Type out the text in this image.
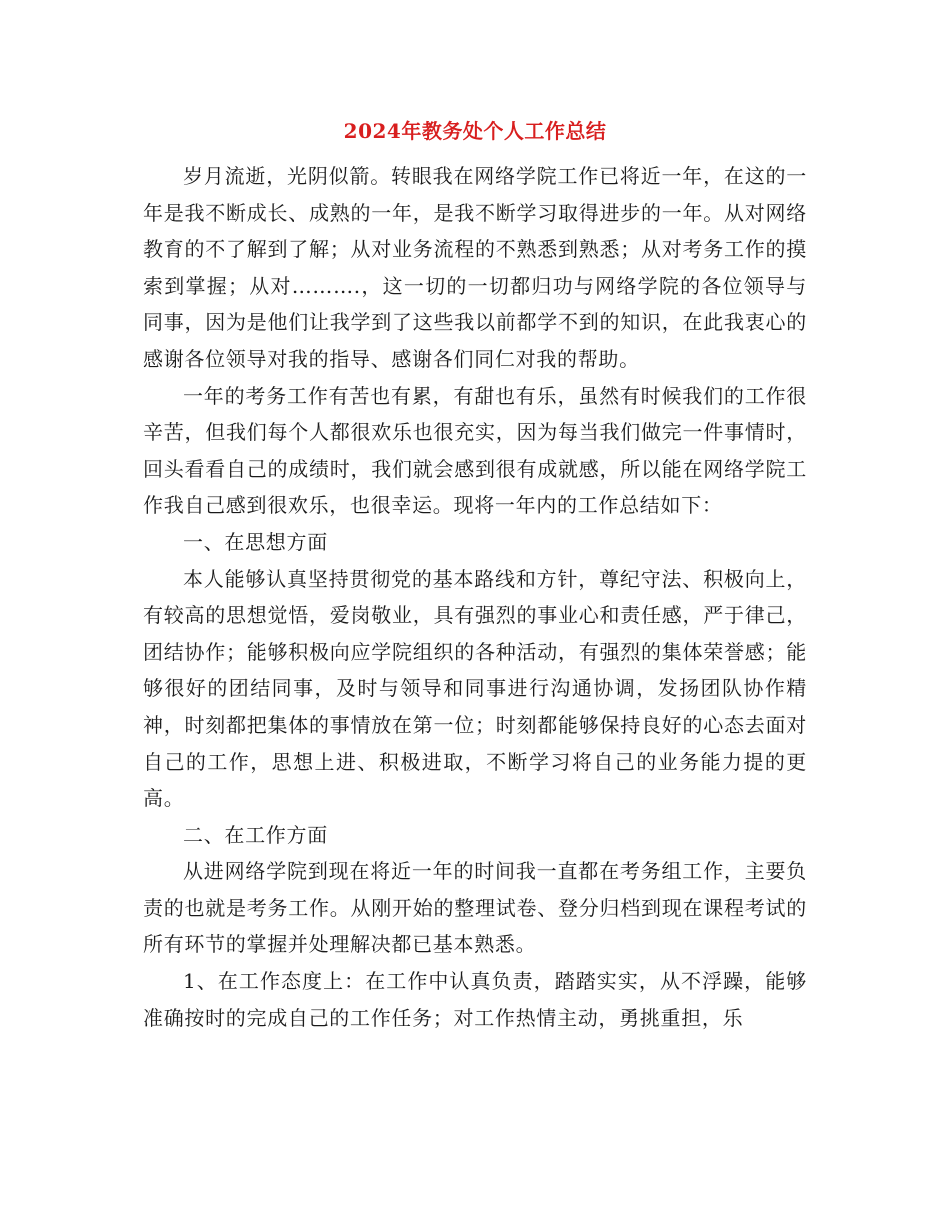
2024年教务处个人工作总结

岁月流逝，光阴似箭。转眼我在网络学院工作已将近一年，在这的一年是我不断成长、成熟的一年，是我不断学习取得进步的一年。从对网络教育的不了解到了解；从对业务流程的不熟悉到熟悉；从对考务工作的摸索到掌握；从对……….，这一切的一切都归功与网络学院的各位领导与同事，因为是他们让我学到了这些我以前都学不到的知识，在此我衷心的感谢各位领导对我的指导、感谢各们同仁对我的帮助。

一年的考务工作有苦也有累，有甜也有乐，虽然有时候我们的工作很辛苦，但我们每个人都很欢乐也很充实，因为每当我们做完一件事情时，回头看看自己的成绩时，我们就会感到很有成就感，所以能在网络学院工作我自己感到很欢乐，也很幸运。现将一年内的工作总结如下：

一、在思想方面

本人能够认真坚持贯彻党的基本路线和方针，尊纪守法、积极向上，有较高的思想觉悟，爱岗敬业，具有强烈的事业心和责任感，严于律己，团结协作；能够积极向应学院组织的各种活动，有强烈的集体荣誉感；能够很好的团结同事，及时与领导和同事进行沟通协调，发扬团队协作精神，时刻都把集体的事情放在第一位；时刻都能够保持良好的心态去面对自己的工作，思想上进、积极进取，不断学习将自己的业务能力提的更高。

二、在工作方面

从进网络学院到现在将近一年的时间我一直都在考务组工作，主要负责的也就是考务工作。从刚开始的整理试卷、登分归档到现在课程考试的所有环节的掌握并处理解决都已基本熟悉。

1、在工作态度上：在工作中认真负责，踏踏实实，从不浮躁，能够准确按时的完成自己的工作任务；对工作热情主动，勇挑重担，乐
